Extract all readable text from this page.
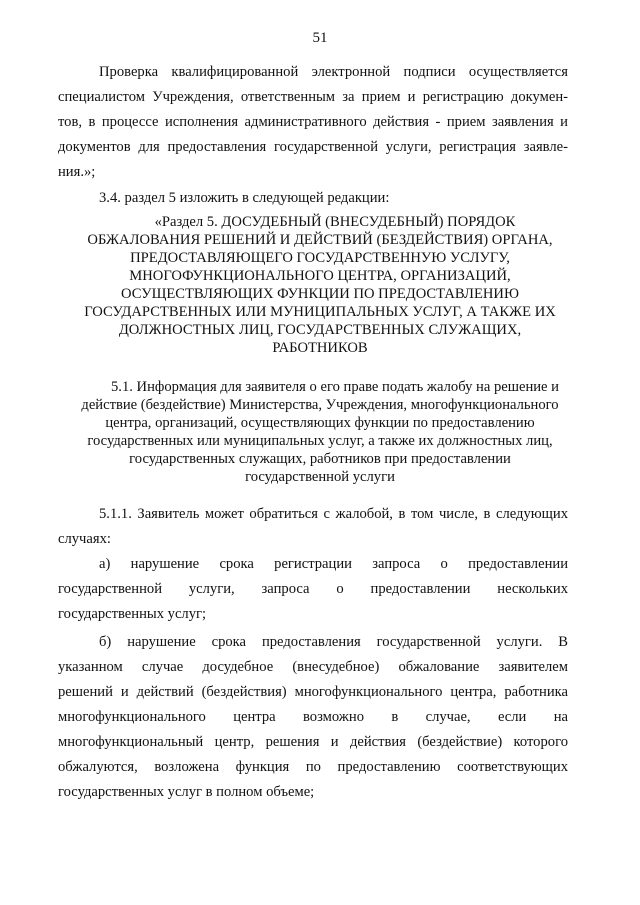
51
Проверка квалифицированной электронной подписи осуществляется
специалистом Учреждения, ответственным за прием и регистрацию докумен-
тов, в процессе исполнения административного действия - прием заявления и
документов для предоставления государственной услуги, регистрация заявле-
ния.»;
3.4. раздел 5 изложить в следующей редакции:
«Раздел 5. ДОСУДЕБНЫЙ (ВНЕСУДЕБНЫЙ) ПОРЯДОК
ОБЖАЛОВАНИЯ РЕШЕНИЙ И ДЕЙСТВИЙ (БЕЗДЕЙСТВИЯ) ОРГАНА,
ПРЕДОСТАВЛЯЮЩЕГО ГОСУДАРСТВЕННУЮ УСЛУГУ,
МНОГОФУНКЦИОНАЛЬНОГО ЦЕНТРА, ОРГАНИЗАЦИЙ,
ОСУЩЕСТВЛЯЮЩИХ ФУНКЦИИ ПО ПРЕДОСТАВЛЕНИЮ
ГОСУДАРСТВЕННЫХ ИЛИ МУНИЦИПАЛЬНЫХ УСЛУГ, А ТАКЖЕ ИХ
ДОЛЖНОСТНЫХ ЛИЦ, ГОСУДАРСТВЕННЫХ СЛУЖАЩИХ,
РАБОТНИКОВ
5.1. Информация для заявителя о его праве подать жалобу на решение и
действие (бездействие) Министерства, Учреждения, многофункционального
центра, организаций, осуществляющих функции по предоставлению
государственных или муниципальных услуг, а также их должностных лиц,
государственных служащих, работников при предоставлении
государственной услуги
5.1.1. Заявитель может обратиться с жалобой, в том числе, в следующих
случаях:
а) нарушение срока регистрации запроса о предоставлении
государственной услуги, запроса о предоставлении нескольких
государственных услуг;
б) нарушение срока предоставления государственной услуги. В
указанном случае досудебное (внесудебное) обжалование заявителем
решений и действий (бездействия) многофункционального центра, работника
многофункционального центра возможно в случае, если на
многофункциональный центр, решения и действия (бездействие) которого
обжалуются, возложена функция по предоставлению соответствующих
государственных услуг в полном объеме;
